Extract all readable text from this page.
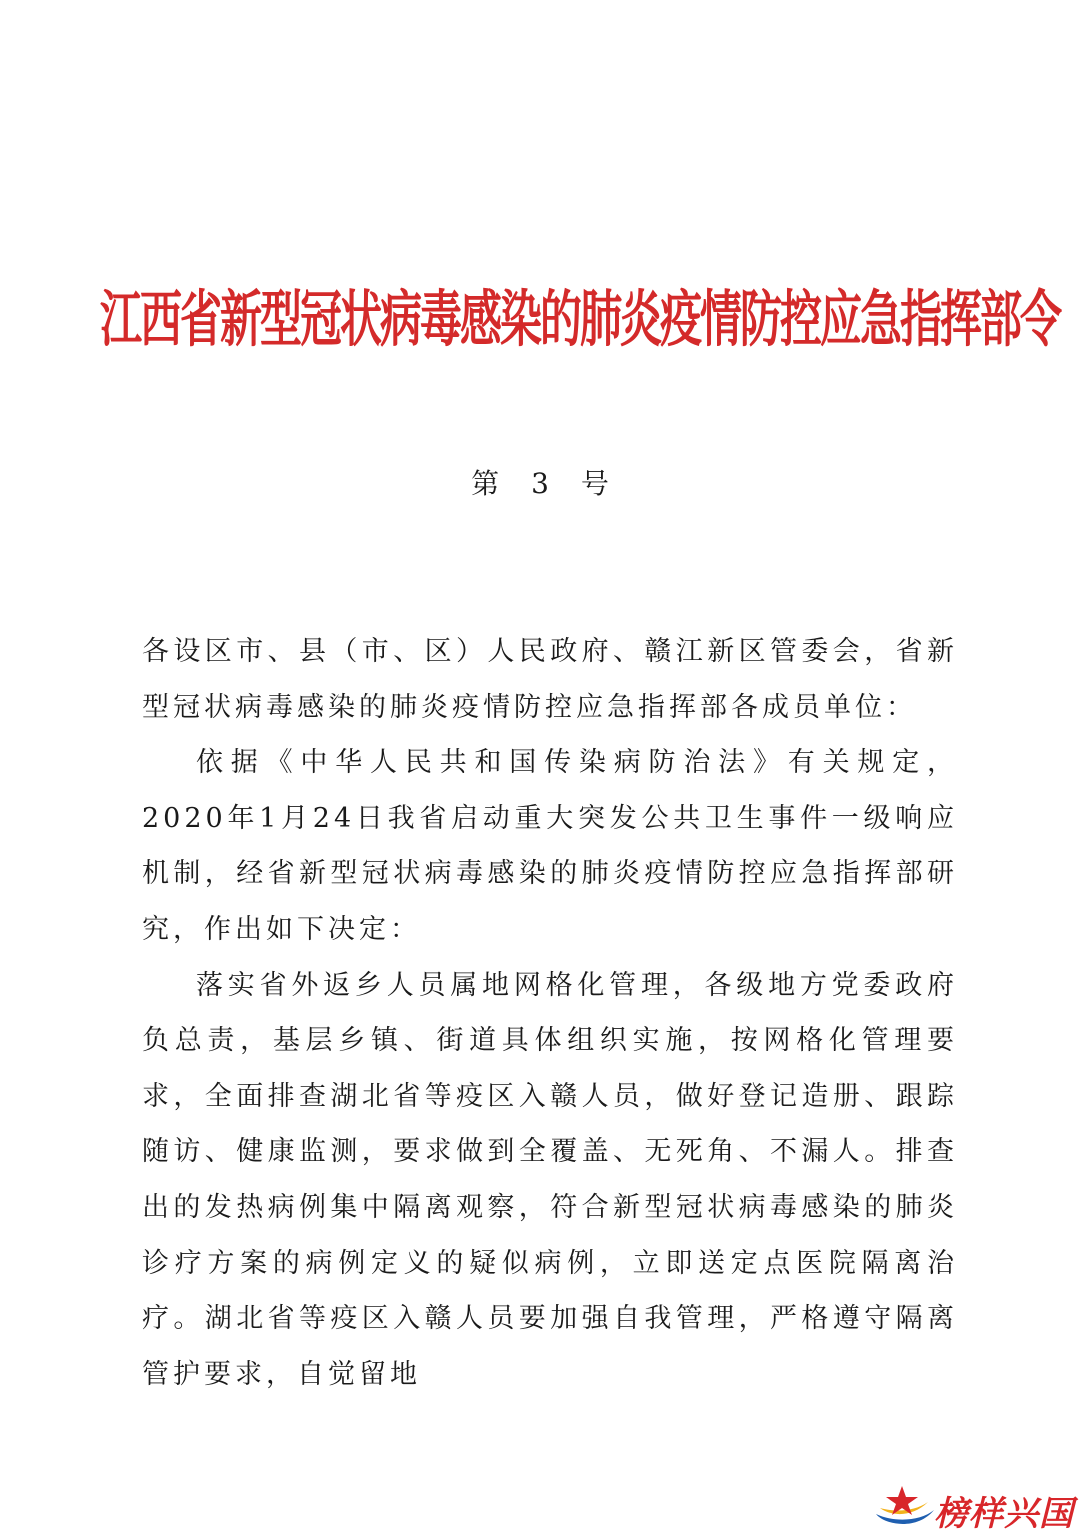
江西省新型冠状病毒感染的肺炎疫情防控应急指挥部令
第 3 号

各设区市、县（市、区）人民政府、赣江新区管委会，省新型冠状病毒感染的肺炎疫情防控应急指挥部各成员单位：

依据《中华人民共和国传染病防治法》有关规定，2020年1月24日我省启动重大突发公共卫生事件一级响应机制，经省新型冠状病毒感染的肺炎疫情防控应急指挥部研究，作出如下决定：

落实省外返乡人员属地网格化管理，各级地方党委政府负总责，基层乡镇、街道具体组织实施，按网格化管理要求，全面排查湖北省等疫区入赣人员，做好登记造册、跟踪随访、健康监测，要求做到全覆盖、无死角、不漏人。排查出的发热病例集中隔离观察，符合新型冠状病毒感染的肺炎诊疗方案的病例定义的疑似病例，立即送定点医院隔离治疗。湖北省等疫区入赣人员要加强自我管理，严格遵守隔离管护要求，自觉留地

榜样兴国
